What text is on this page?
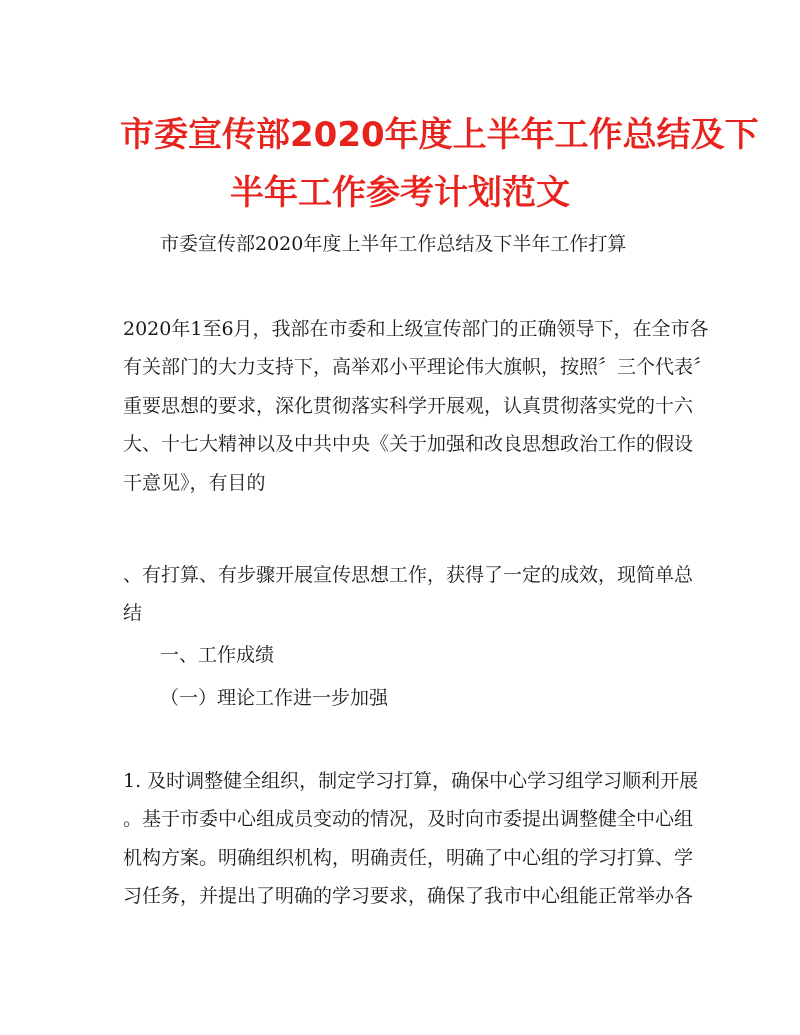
市委宣传部2020年度上半年工作总结及下
半年工作参考计划范文
市委宣传部2020年度上半年工作总结及下半年工作打算
2020年1至6月，我部在市委和上级宣传部门的正确领导下，在全市各
有关部门的大力支持下，高举邓小平理论伟大旗帜，按照〞三个代表〞
重要思想的要求，深化贯彻落实科学开展观，认真贯彻落实党的十六
大、十七大精神以及中共中央《关于加强和改良思想政治工作的假设
干意见》，有目的
、有打算、有步骤开展宣传思想工作，获得了一定的成效，现简单总
结
一、工作成绩
（一）理论工作进一步加强
1. 及时调整健全组织，制定学习打算，确保中心学习组学习顺利开展
。基于市委中心组成员变动的情况，及时向市委提出调整健全中心组
机构方案。明确组织机构，明确责任，明确了中心组的学习打算、学
习任务，并提出了明确的学习要求，确保了我市中心组能正常举办各
